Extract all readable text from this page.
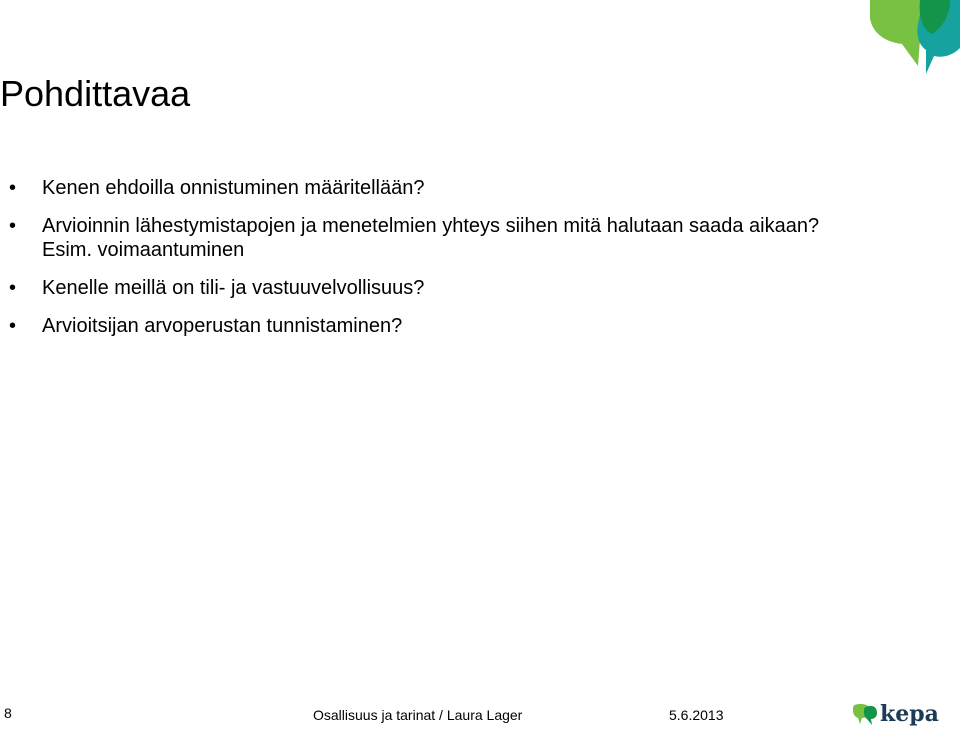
Pohdittavaa
• Kenen ehdoilla onnistuminen määritellään?
• Arvioinnin lähestymistapojen ja menetelmien yhteys siihen mitä halutaan saada aikaan?
Esim. voimaantuminen
• Kenelle meillä on tili- ja vastuuvelvollisuus?
• Arvioitsijan arvoperustan tunnistaminen?
8	Osallisuus ja tarinat / Laura Lager	5.6.2013	kepa
